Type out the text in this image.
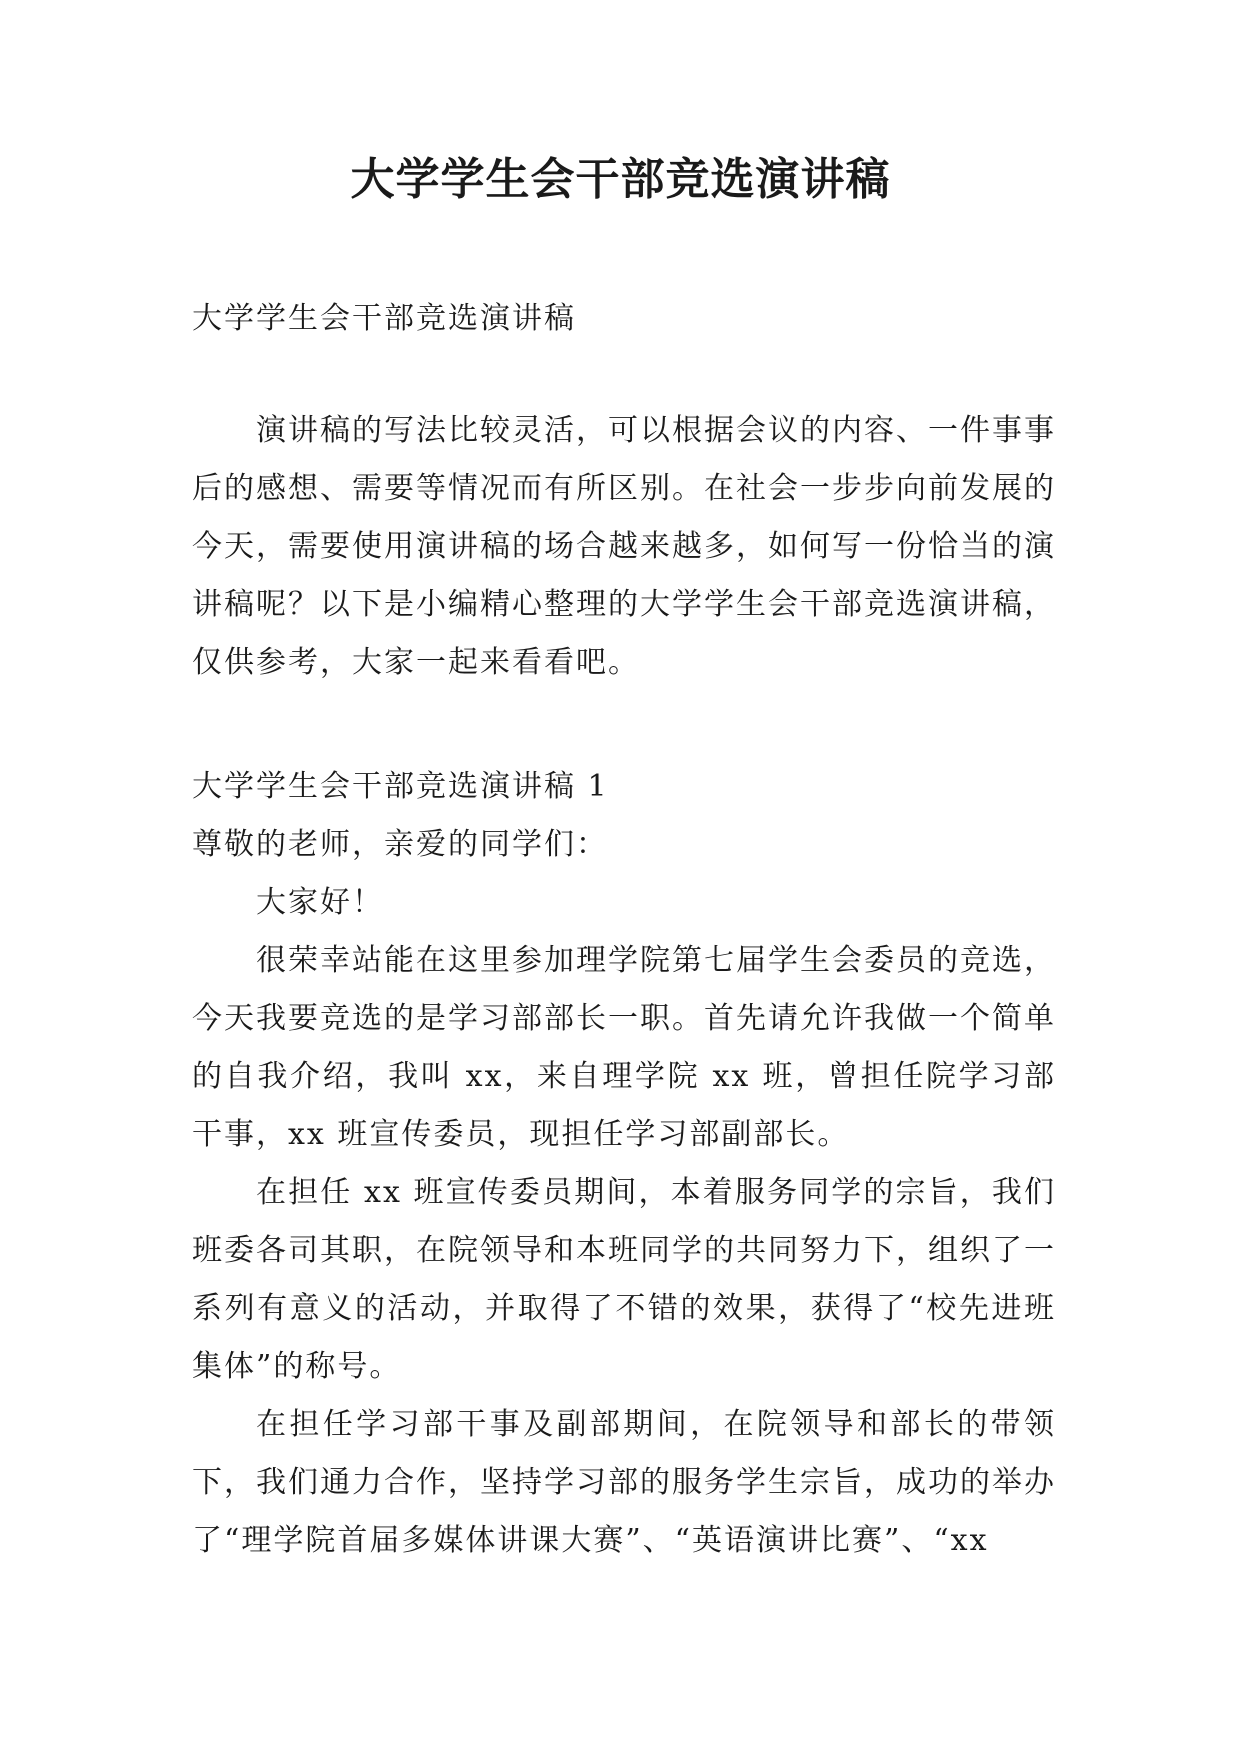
大学学生会干部竞选演讲稿

大学学生会干部竞选演讲稿

演讲稿的写法比较灵活，可以根据会议的内容、一件事事后的感想、需要等情况而有所区别。在社会一步步向前发展的今天，需要使用演讲稿的场合越来越多，如何写一份恰当的演讲稿呢？以下是小编精心整理的大学学生会干部竞选演讲稿，仅供参考，大家一起来看看吧。

大学学生会干部竞选演讲稿 1

尊敬的老师，亲爱的同学们：

大家好！

很荣幸站能在这里参加理学院第七届学生会委员的竞选，今天我要竞选的是学习部部长一职。首先请允许我做一个简单的自我介绍，我叫 xx，来自理学院 xx 班，曾担任院学习部干事，xx 班宣传委员，现担任学习部副部长。

在担任 xx 班宣传委员期间，本着服务同学的宗旨，我们班委各司其职，在院领导和本班同学的共同努力下，组织了一系列有意义的活动，并取得了不错的效果，获得了“校先进班集体”的称号。

在担任学习部干事及副部期间，在院领导和部长的带领下，我们通力合作，坚持学习部的服务学生宗旨，成功的举办了“理学院首届多媒体讲课大赛”、“英语演讲比赛”、“xx
